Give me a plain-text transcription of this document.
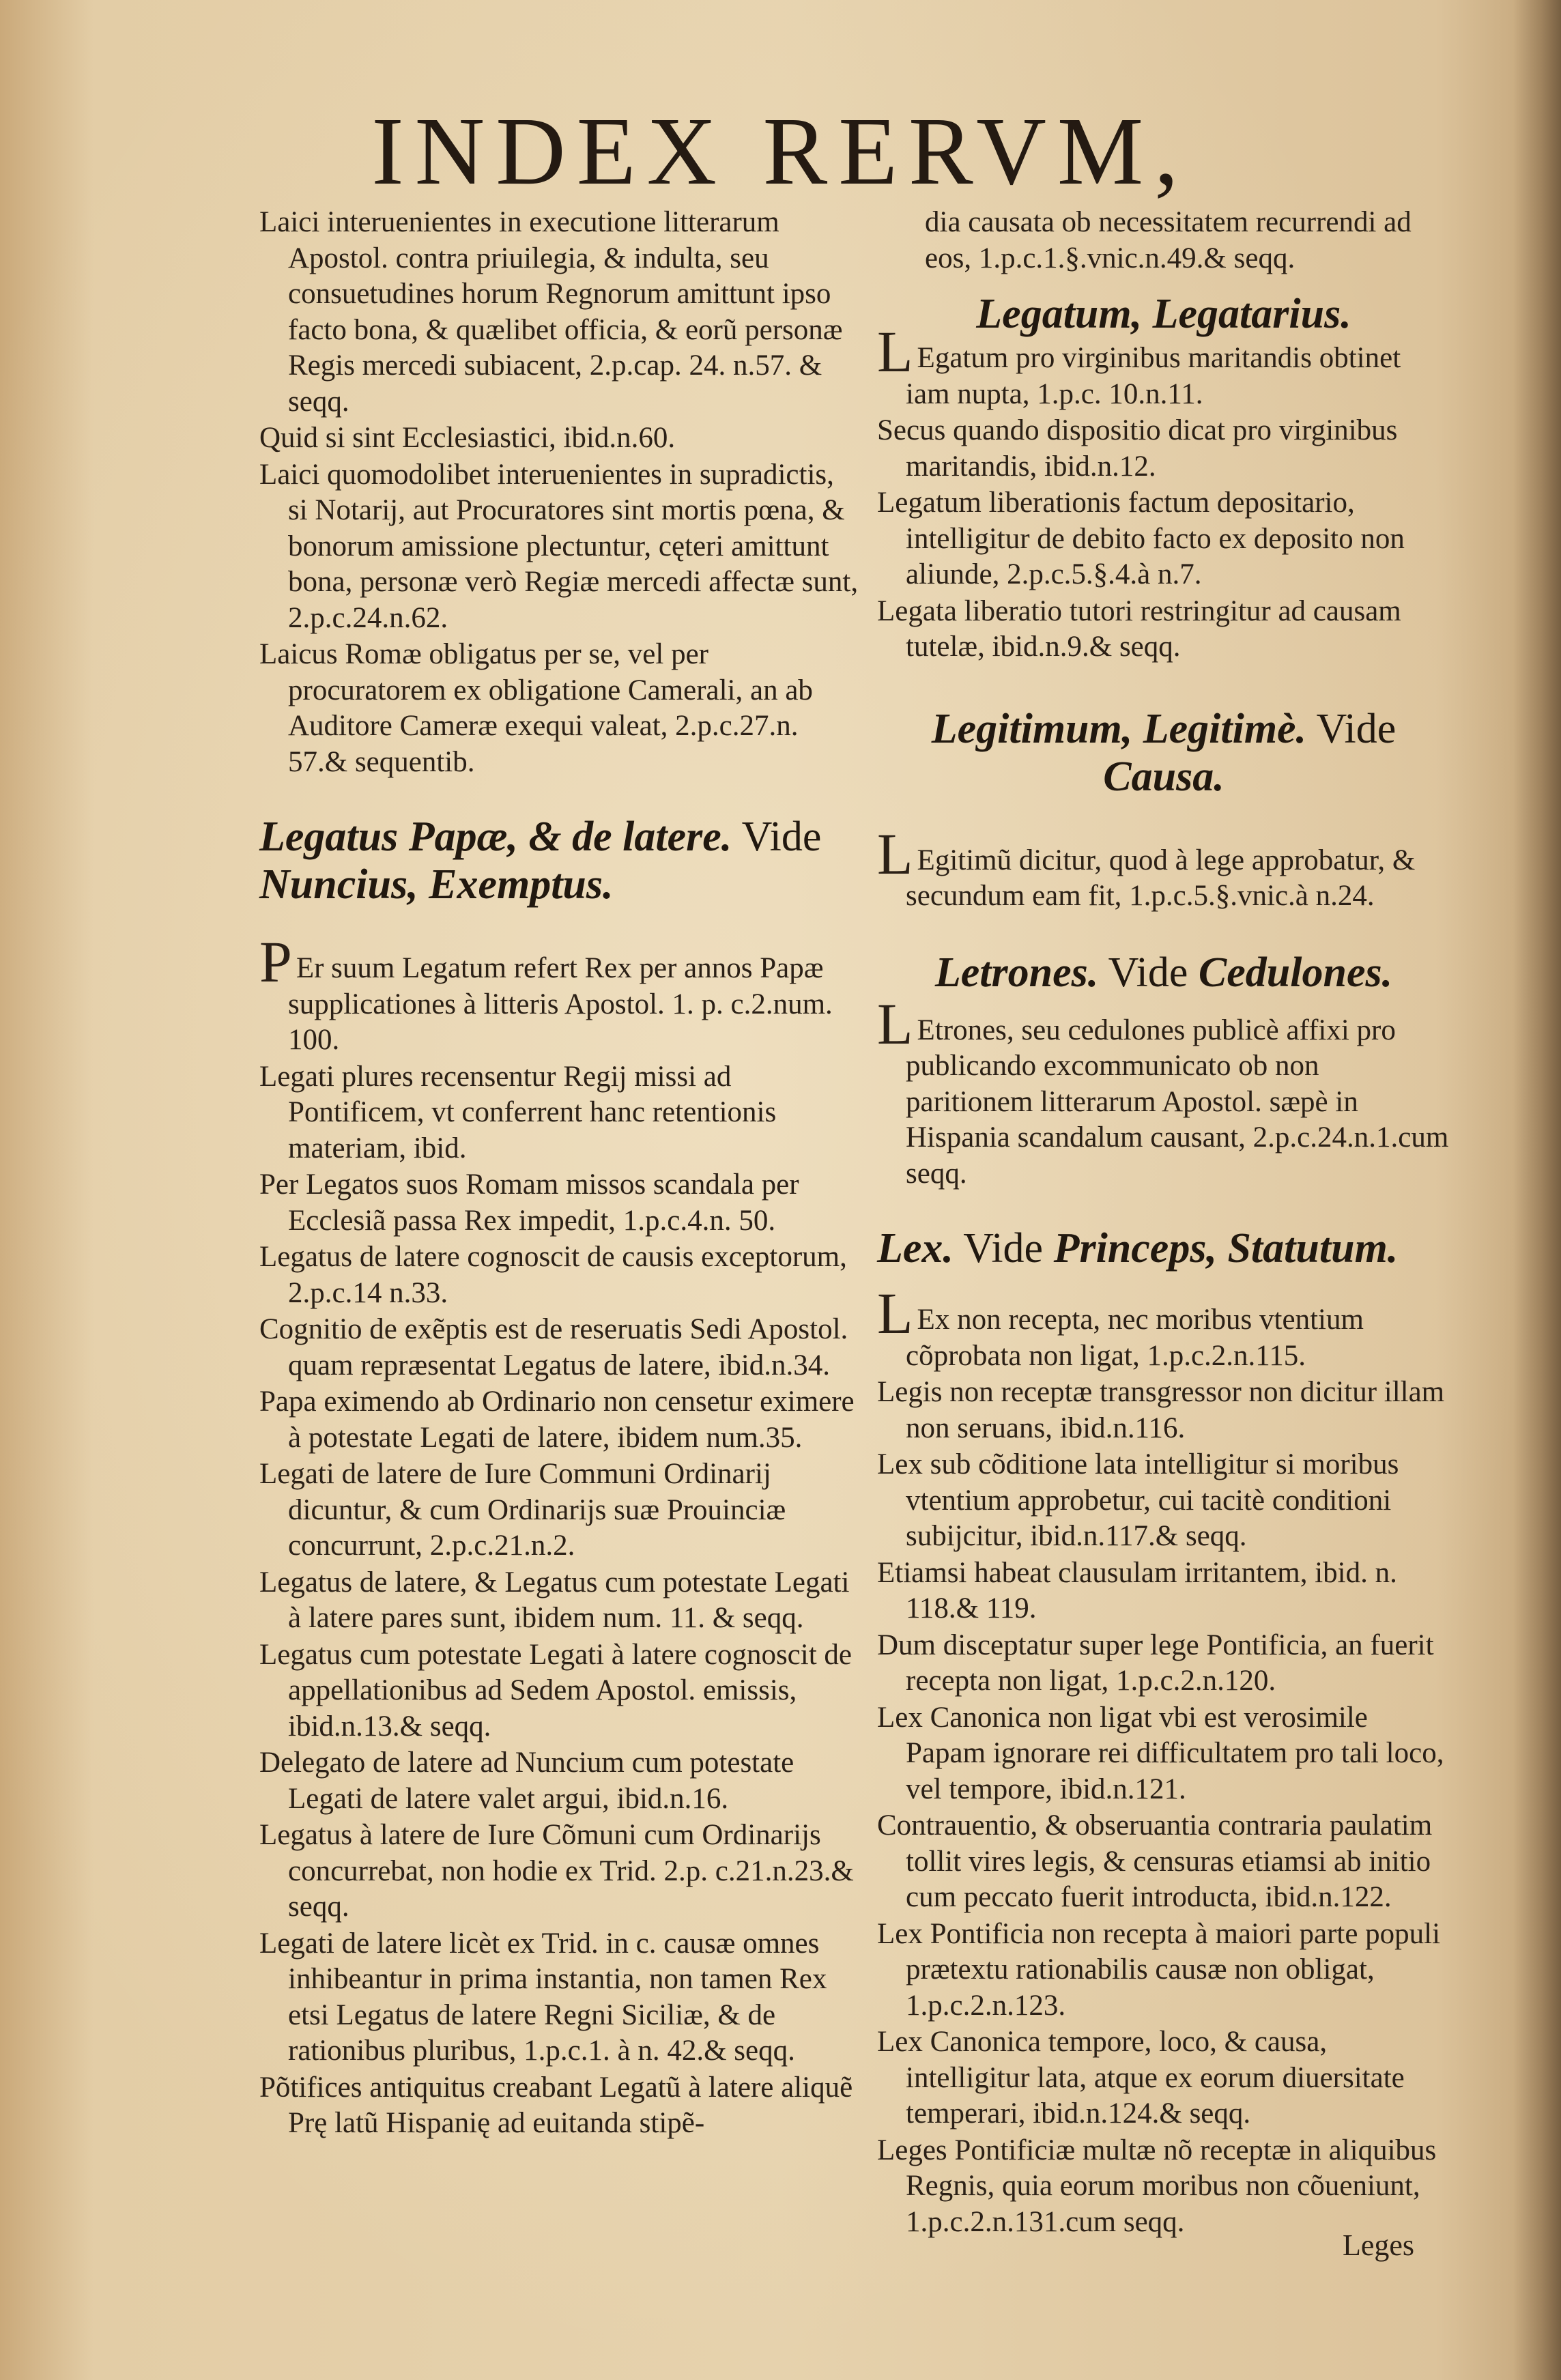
INDEX RERVM,

Laici interuenientes in executione litterarum Apostol. contra priuilegia, & indulta, seu consuetudines horum Regnorum amittunt ipso facto bona, & quælibet officia, & eorũ personæ Regis mercedi subiacent, 2.p.cap. 24. n.57. & seqq.

Quid si sint Ecclesiastici, ibid.n.60.

Laici quomodolibet interuenientes in supradictis, si Notarij, aut Procuratores sint mortis pœna, & bonorum amissione plectuntur, cęteri amittunt bona, personæ verò Regiæ mercedi affectæ sunt, 2.p.c.24.n.62.

Laicus Romæ obligatus per se, vel per procuratorem ex obligatione Camerali, an ab Auditore Cameræ exequi valeat, 2.p.c.27.n. 57.& sequentib.

Legatus Papæ, & de latere. Vide Nuncius, Exemptus.

P Er suum Legatum refert Rex per annos Papæ supplicationes à litteris Apostol. 1. p. c.2.num. 100.

Legati plures recensentur Regij missi ad Pontificem, vt conferrent hanc retentionis materiam, ibid.

Per Legatos suos Romam missos scandala per Ecclesiã passa Rex impedit, 1.p.c.4.n. 50.

Legatus de latere cognoscit de causis exceptorum, 2.p.c.14 n.33.

Cognitio de exẽptis est de reseruatis Sedi Apostol. quam repræsentat Legatus de latere, ibid.n.34.

Papa eximendo ab Ordinario non censetur eximere à potestate Legati de latere, ibidem num.35.

Legati de latere de Iure Communi Ordinarij dicuntur, & cum Ordinarijs suæ Prouinciæ concurrunt, 2.p.c.21.n.2.

Legatus de latere, & Legatus cum potestate Legati à latere pares sunt, ibidem num. 11. & seqq.

Legatus cum potestate Legati à latere cognoscit de appellationibus ad Sedem Apostol. emissis, ibid.n.13.& seqq.

Delegato de latere ad Nuncium cum potestate Legati de latere valet argui, ibid.n.16.

Legatus à latere de Iure Cõmuni cum Ordinarijs concurrebat, non hodie ex Trid. 2.p. c.21.n.23.& seqq.

Legati de latere licèt ex Trid. in c. causæ omnes inhibeantur in prima instantia, non tamen Rex etsi Legatus de latere Regni Siciliæ, & de rationibus pluribus, 1.p.c.1. à n. 42.& seqq.

Põtifices antiquitus creabant Legatũ à latere aliquẽ Prę latũ Hispanię ad euitanda stipẽ-

dia causata ob necessitatem recurrendi ad eos, 1.p.c.1.§.vnic.n.49.& seqq.

Legatum, Legatarius.

L Egatum pro virginibus maritandis obtinet iam nupta, 1.p.c. 10.n.11.

Secus quando dispositio dicat pro virginibus maritandis, ibid.n.12.

Legatum liberationis factum depositario, intelligitur de debito facto ex deposito non aliunde, 2.p.c.5.§.4.à n.7.

Legata liberatio tutori restringitur ad causam tutelæ, ibid.n.9.& seqq.

Legitimum, Legitimè. Vide
Causa.

L Egitimũ dicitur, quod à lege approbatur, & secundum eam fit, 1.p.c.5.§.vnic.à n.24.

Letrones. Vide Cedulones.

L Etrones, seu cedulones publicè affixi pro publicando excommunicato ob non paritionem litterarum Apostol. sæpè in Hispania scandalum causant, 2.p.c.24.n.1.cum seqq.

Lex. Vide Princeps, Statutum.

L Ex non recepta, nec moribus vtentium cõprobata non ligat, 1.p.c.2.n.115.

Legis non receptæ transgressor non dicitur illam non seruans, ibid.n.116.

Lex sub cõditione lata intelligitur si moribus vtentium approbetur, cui tacitè conditioni subijcitur, ibid.n.117.& seqq.

Etiamsi habeat clausulam irritantem, ibid. n. 118.& 119.

Dum disceptatur super lege Pontificia, an fuerit recepta non ligat, 1.p.c.2.n.120.

Lex Canonica non ligat vbi est verosimile Papam ignorare rei difficultatem pro tali loco, vel tempore, ibid.n.121.

Contrauentio, & obseruantia contraria paulatim tollit vires legis, & censuras etiamsi ab initio cum peccato fuerit introducta, ibid.n.122.

Lex Pontificia non recepta à maiori parte populi prætextu rationabilis causæ non obligat, 1.p.c.2.n.123.

Lex Canonica tempore, loco, & causa, intelligitur lata, atque ex eorum diuersitate temperari, ibid.n.124.& seqq.

Leges Pontificiæ multæ nõ receptæ in aliquibus Regnis, quia eorum moribus non cõueniunt, 1.p.c.2.n.131.cum seqq.

Leges
